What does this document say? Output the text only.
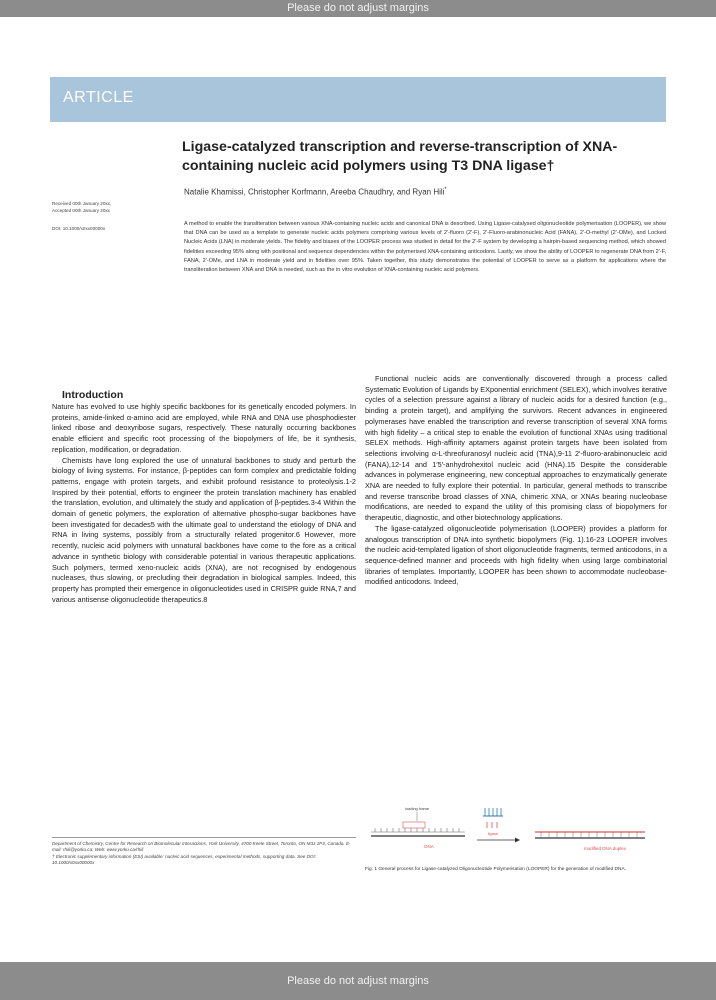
Please do not adjust margins
ARTICLE
Ligase-catalyzed transcription and reverse-transcription of XNA-containing nucleic acid polymers using T3 DNA ligase†
Natalie Khamissi, Christopher Korfmann, Areeba Chaudhry, and Ryan Hili*
Received 00th January 20xx,
Accepted 00th January 20xx
DOI: 10.1000/x0xx00000x
A method to enable the transliteration between various XNA-containing nucleic acids and canonical DNA is described. Using Ligase-catalysed oligonucleotide polymerisation (LOOPER), we show that DNA can be used as a template to generate nucleic acids polymers comprising various levels of 2′-fluoro (2′-F), 2′-Fluoro-arabinonucleic Acid (FANA), 2′-O-methyl (2′-OMe), and Locked Nucleic Acids (LNA) in moderate yields. The fidelity and biases of the LOOPER process was studied in detail for the 2′-F system by developing a hairpin-based sequencing method, which showed fidelities exceeding 95% along with positional and sequence dependencies within the polymerised XNA-containing anticodons. Lastly, we show the ability of LOOPER to regenerate DNA from 2′-F, FANA, 2′-OMe, and LNA in moderate yield and in fidelities over 95%. Taken together, this study demonstrates the potential of LOOPER to serve as a platform for applications where the transliteration between XNA and DNA is needed, such as the in vitro evolution of XNA-containing nucleic acid polymers.

Introduction

Nature has evolved to use highly specific backbones for its genetically encoded polymers. In proteins, amide-linked α-amino acid are employed, while RNA and DNA use phosphodiester linked ribose and deoxyribose sugars, respectively. These naturally occurring backbones enable efficient and specific root processing of the biopolymers of life, be it synthesis, replication, modification, or degradation.

Chemists have long explored the use of unnatural backbones to study and perturb the biology of living systems. For instance, β-peptides can form complex and predictable folding patterns, engage with protein targets, and exhibit profound resistance to proteolysis.1-2 Inspired by their potential, efforts to engineer the protein translation machinery has enabled the translation, evolution, and ultimately the study and application of β-peptides.3-4 Within the domain of genetic polymers, the exploration of alternative phospho-sugar backbones have been investigated for decades5 with the ultimate goal to understand the etiology of DNA and RNA in living systems, possibly from a structurally related progenitor.6 However, more recently, nucleic acid polymers with unnatural backbones have come to the fore as a critical advance in synthetic biology with considerable potential in various therapeutic applications. Such polymers, termed xeno-nucleic acids (XNA), are not recognised by endogenous nucleases, thus slowing, or precluding their degradation in biological samples. Indeed, this property has prompted their emergence in oligonucleotides used in CRISPR guide RNA,7 and various antisense oligonucleotide therapeutics.8

Functional nucleic acids are conventionally discovered through a process called Systematic Evolution of Ligands by EXponential enrichment (SELEX), which involves iterative cycles of a selection pressure against a library of nucleic acids for a desired function (e.g., binding a protein target), and amplifying the survivors. Recent advances in engineered polymerases have enabled the transcription and reverse transcription of several XNA forms with high fidelity – a critical step to enable the evolution of functional XNAs using traditional SELEX methods. High-affinity aptamers against protein targets have been isolated from selections involving α-L-threofuranosyl nucleic acid (TNA),9-11 2′-fluoro-arabinonucleic acid (FANA),12-14 and 1′5′-anhydrohexitol nucleic acid (HNA).15 Despite the considerable advances in polymerase engineering, new conceptual approaches to enzymatically generate XNA are needed to fully explore their potential. In particular, general methods to transcribe and reverse transcribe broad classes of XNA, chimeric XNA, or XNAs bearing nucleobase modifications, are needed to expand the utility of this promising class of biopolymers for therapeutic, diagnostic, and other biotechnology applications.

The ligase-catalyzed oligonucleotide polymerisation (LOOPER) provides a platform for analogous transcription of DNA into synthetic biopolymers (Fig. 1).16-23 LOOPER involves the nucleic acid-templated ligation of short oligonucleotide fragments, termed anticodons, in a sequence-defined manner and proceeds with high fidelity when using large combinatorial libraries of templates. Importantly, LOOPER has been shown to accommodate nucleobase-modified anticodons. Indeed,

Department of Chemistry, Centre for Research on Biomolecular Interactions, York University, 4700 Keele Street, Toronto, ON M3J 1P3, Canada. E-mail: rhili@yorku.ca; Web: www.yorku.ca/rhili

† Electronic supplementary information (ESI) available: nucleic acid sequences, experimental methods, supporting data. See DOI: 10.1000/x0xx00000x

loading frame
DNA
ligase
modified DNA duplex
Fig. 1 General process for Ligase-catalyzed Oligonucleotide Polymerisation (LOOPER) for the generation of modified DNA.
Please do not adjust margins
